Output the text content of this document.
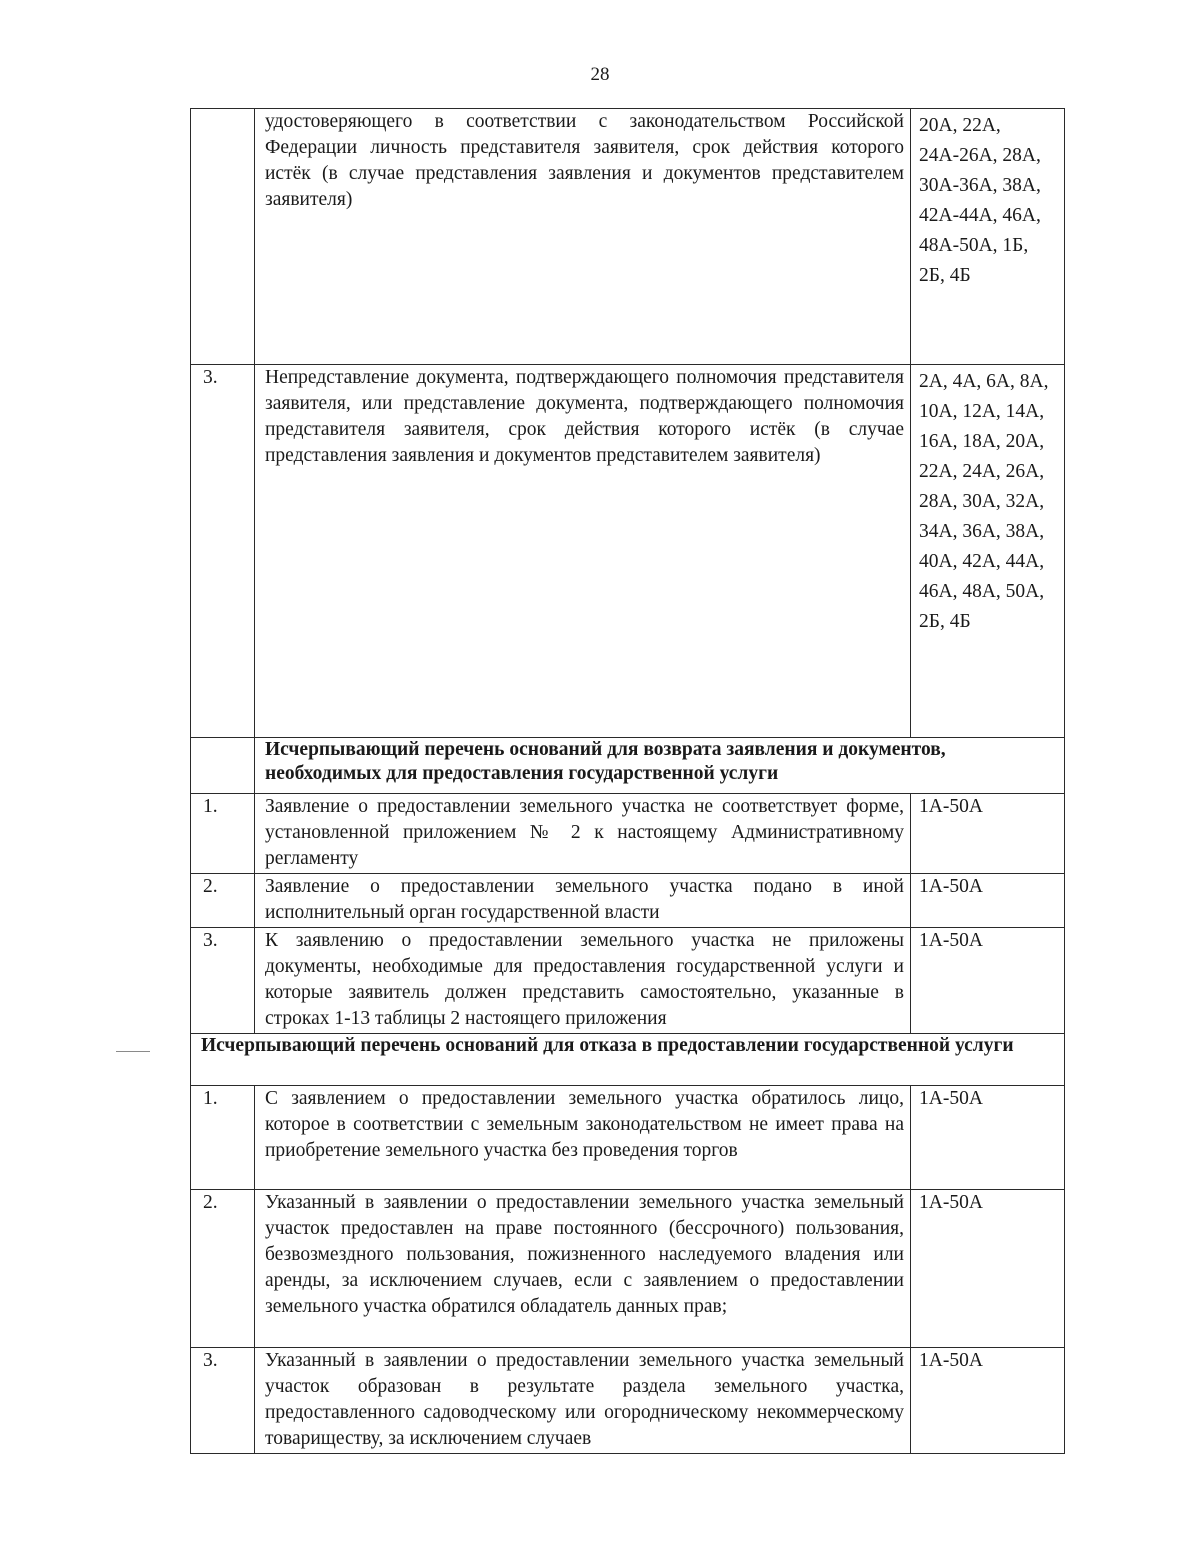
28
	удостоверяющего в соответствии с законодательством Российской Федерации личность представителя заявителя, срок действия которого истёк (в случае представления заявления и документов представителем заявителя)	20А, 22А, 24А-26А, 28А, 30А-36А, 38А, 42А-44А, 46А, 48А-50А, 1Б, 2Б, 4Б
3.	Непредставление документа, подтверждающего полномочия представителя заявителя, или представление документа, подтверждающего полномочия представителя заявителя, срок действия которого истёк (в случае представления заявления и документов представителем заявителя)	2А, 4А, 6А, 8А, 10А, 12А, 14А, 16А, 18А, 20А, 22А, 24А, 26А, 28А, 30А, 32А, 34А, 36А, 38А, 40А, 42А, 44А, 46А, 48А, 50А, 2Б, 4Б
	Исчерпывающий перечень оснований для возврата заявления и документов, необходимых для предоставления государственной услуги	
1.	Заявление о предоставлении земельного участка не соответствует форме, установленной приложением № 2 к настоящему Административному регламенту	1А-50А
2.	Заявление о предоставлении земельного участка подано в иной исполнительный орган государственной власти	1А-50А
3.	К заявлению о предоставлении земельного участка не приложены документы, необходимые для предоставления государственной услуги и которые заявитель должен представить самостоятельно, указанные в строках 1-13 таблицы 2 настоящего приложения	1А-50А
Исчерпывающий перечень оснований для отказа в предоставлении государственной услуги		
1.	С заявлением о предоставлении земельного участка обратилось лицо, которое в соответствии с земельным законодательством не имеет права на приобретение земельного участка без проведения торгов	1А-50А
2.	Указанный в заявлении о предоставлении земельного участка земельный участок предоставлен на праве постоянного (бессрочного) пользования, безвозмездного пользования, пожизненного наследуемого владения или аренды, за исключением случаев, если с заявлением о предоставлении земельного участка обратился обладатель данных прав;	1А-50А
3.	Указанный в заявлении о предоставлении земельного участка земельный участок образован в результате раздела земельного участка, предоставленного садоводческому или огородническому некоммерческому товариществу, за исключением случаев	1А-50А
